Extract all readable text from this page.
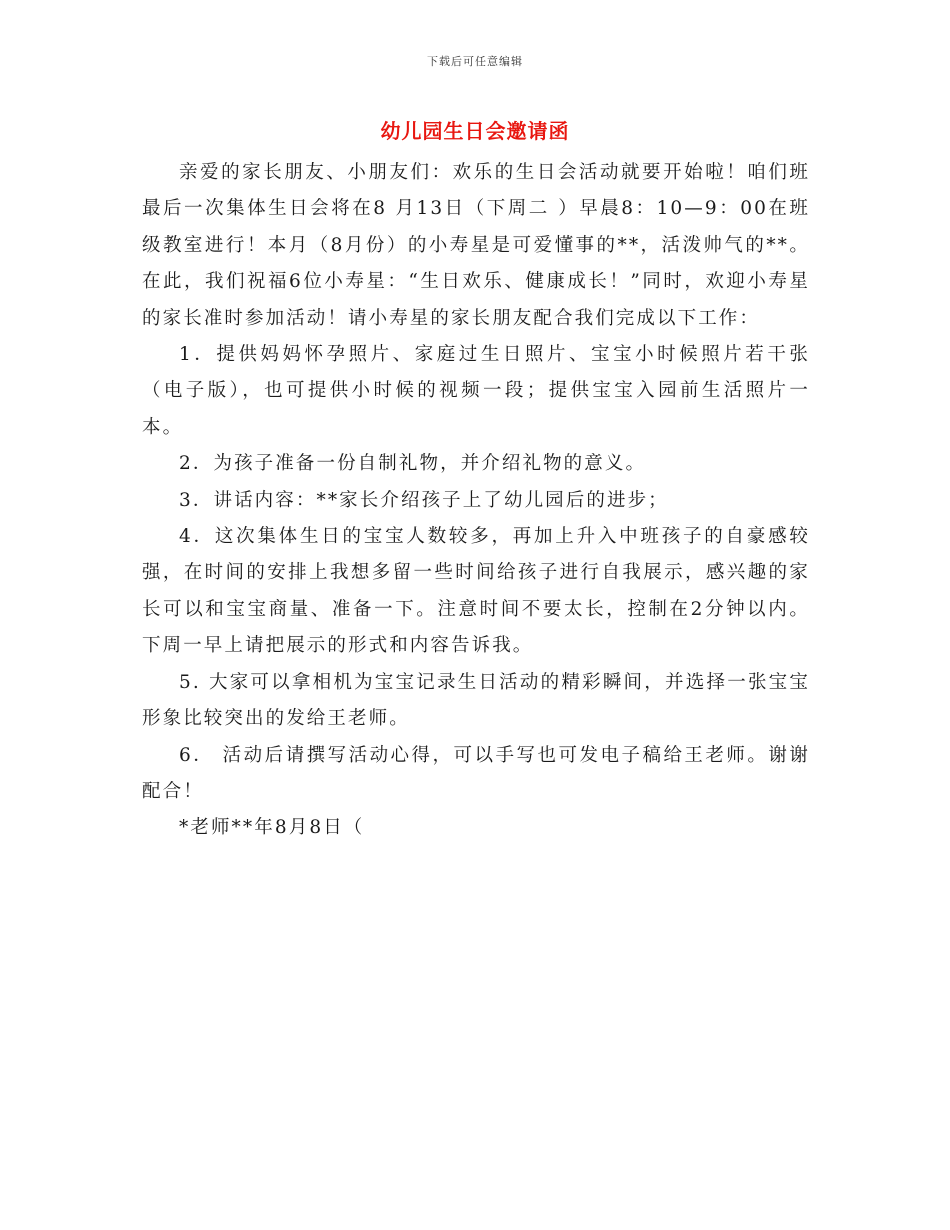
下载后可任意编辑
幼儿园生日会邀请函

亲爱的家长朋友、小朋友们：欢乐的生日会活动就要开始啦！咱们班最后一次集体生日会将在8 月13日（下周二 ）早晨8：10—9：00在班级教室进行！本月（8月份）的小寿星是可爱懂事的**，活泼帅气的**。在此，我们祝福6位小寿星：“生日欢乐、健康成长！”同时，欢迎小寿星的家长准时参加活动！请小寿星的家长朋友配合我们完成以下工作：

1．提供妈妈怀孕照片、家庭过生日照片、宝宝小时候照片若干张（电子版），也可提供小时候的视频一段；提供宝宝入园前生活照片一本。

2．为孩子准备一份自制礼物，并介绍礼物的意义。

3．讲话内容：**家长介绍孩子上了幼儿园后的进步；

4．这次集体生日的宝宝人数较多，再加上升入中班孩子的自豪感较强，在时间的安排上我想多留一些时间给孩子进行自我展示，感兴趣的家长可以和宝宝商量、准备一下。注意时间不要太长，控制在2分钟以内。下周一早上请把展示的形式和内容告诉我。

5. 大家可以拿相机为宝宝记录生日活动的精彩瞬间，并选择一张宝宝形象比较突出的发给王老师。

6． 活动后请撰写活动心得，可以手写也可发电子稿给王老师。谢谢配合！

*老师**年8月8日（
